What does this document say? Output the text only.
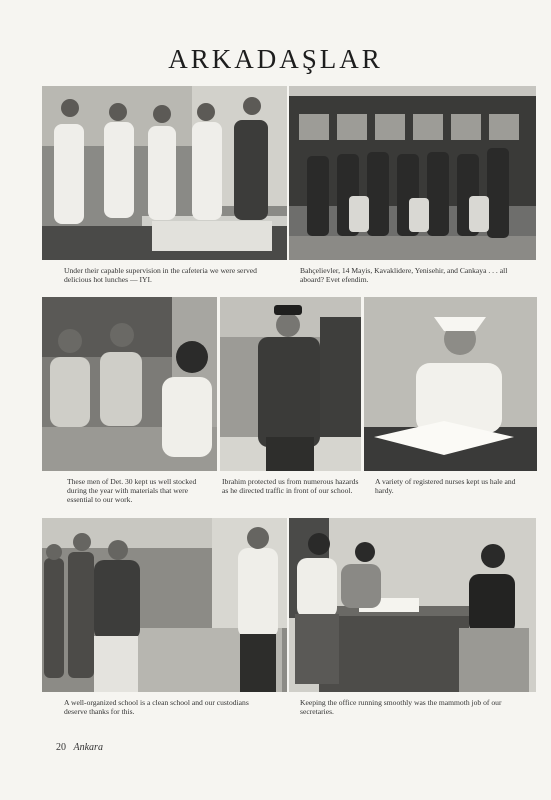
ARKADAŞLAR
Under their capable supervision in the cafeteria we were served delicious hot lunches — IYI.
Bahçelievler, 14 Mayis, Kavaklidere, Yenisehir, and Cankaya . . . all aboard? Evet efendim.
These men of Det. 30 kept us well stocked during the year with materials that were essential to our work.
Ibrahim protected us from numerous hazards as he directed traffic in front of our school.
A variety of registered nurses kept us hale and hardy.
A well-organized school is a clean school and our custodians deserve thanks for this.
Keeping the office running smoothly was the mammoth job of our secretaries.
20 Ankara
